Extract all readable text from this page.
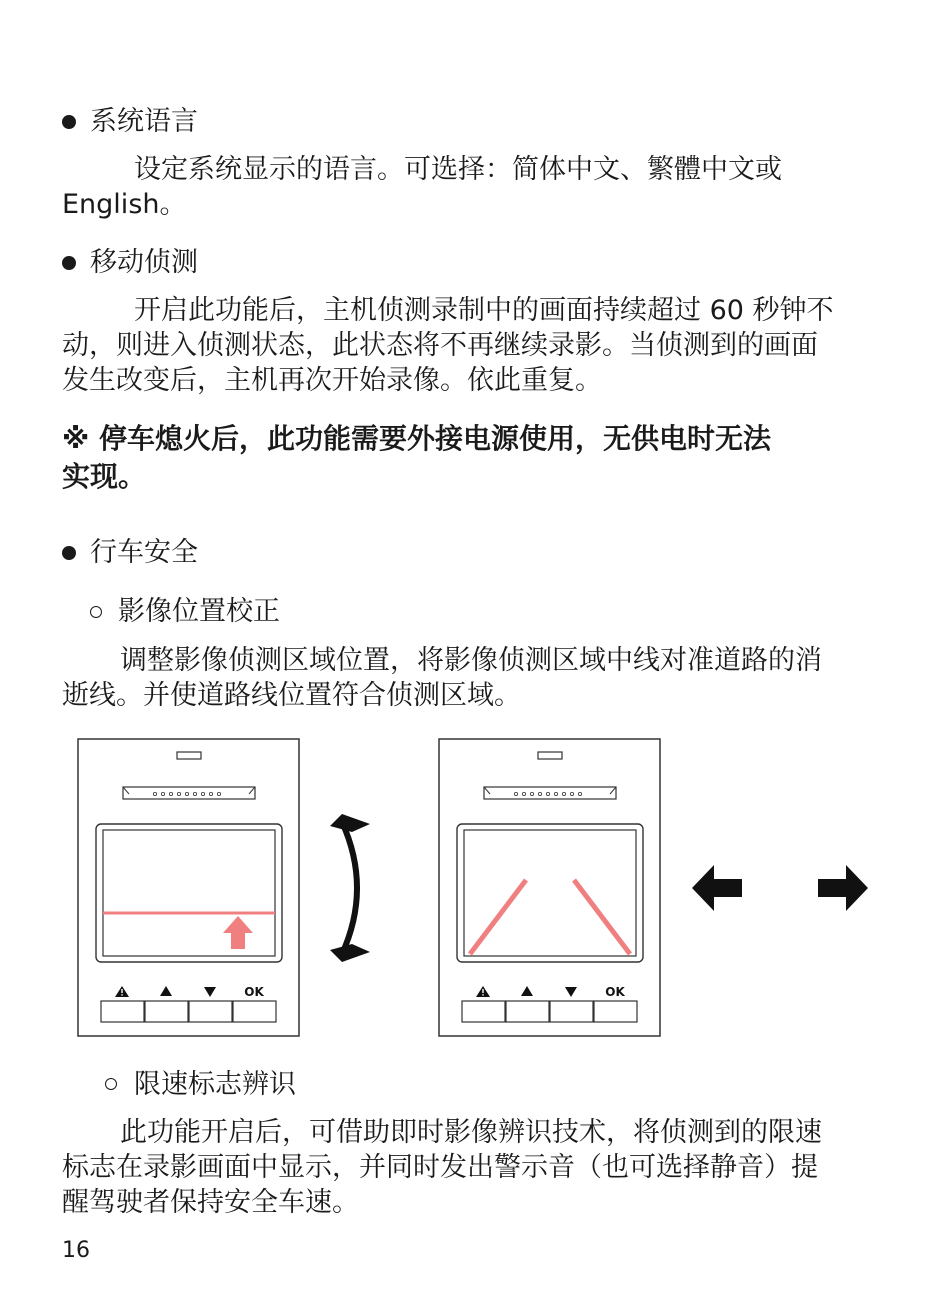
系统语言
设定系统显示的语言。可选择：简体中文、繁體中文或
English。
移动侦测
开启此功能后，主机侦测录制中的画面持续超过 60 秒钟不
动，则进入侦测状态，此状态将不再继续录影。当侦测到的画面
发生改变后，主机再次开始录像。依此重复。
※ 停车熄火后，此功能需要外接电源使用，无供电时无法
实现。
行车安全
影像位置校正
调整影像侦测区域位置，将影像侦测区域中线对准道路的消
逝线。并使道路线位置符合侦测区域。
OK	OK
限速标志辨识
此功能开启后，可借助即时影像辨识技术，将侦测到的限速
标志在录影画面中显示，并同时发出警示音（也可选择静音）提
醒驾驶者保持安全车速。
16
